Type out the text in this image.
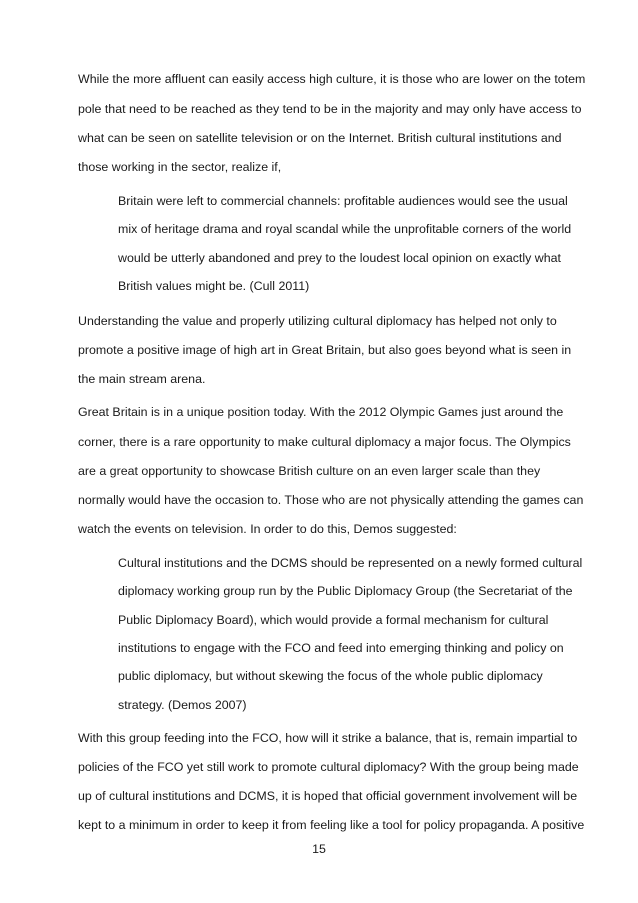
While the more affluent can easily access high culture, it is those who are lower on the totem
pole that need to be reached as they tend to be in the majority and may only have access to
what can be seen on satellite television or on the Internet. British cultural institutions and
those working in the sector, realize if,
Britain were left to commercial channels: profitable audiences would see the usual
mix of heritage drama and royal scandal while the unprofitable corners of the world
would be utterly abandoned and prey to the loudest local opinion on exactly what
British values might be. (Cull 2011)
Understanding the value and properly utilizing cultural diplomacy has helped not only to
promote a positive image of high art in Great Britain, but also goes beyond what is seen in
the main stream arena.
Great Britain is in a unique position today. With the 2012 Olympic Games just around the
corner, there is a rare opportunity to make cultural diplomacy a major focus. The Olympics
are a great opportunity to showcase British culture on an even larger scale than they
normally would have the occasion to. Those who are not physically attending the games can
watch the events on television. In order to do this, Demos suggested:
Cultural institutions and the DCMS should be represented on a newly formed cultural
diplomacy working group run by the Public Diplomacy Group (the Secretariat of the
Public Diplomacy Board), which would provide a formal mechanism for cultural
institutions to engage with the FCO and feed into emerging thinking and policy on
public diplomacy, but without skewing the focus of the whole public diplomacy
strategy. (Demos 2007)
With this group feeding into the FCO, how will it strike a balance, that is, remain impartial to
policies of the FCO yet still work to promote cultural diplomacy? With the group being made
up of cultural institutions and DCMS, it is hoped that official government involvement will be
kept to a minimum in order to keep it from feeling like a tool for policy propaganda. A positive
15
